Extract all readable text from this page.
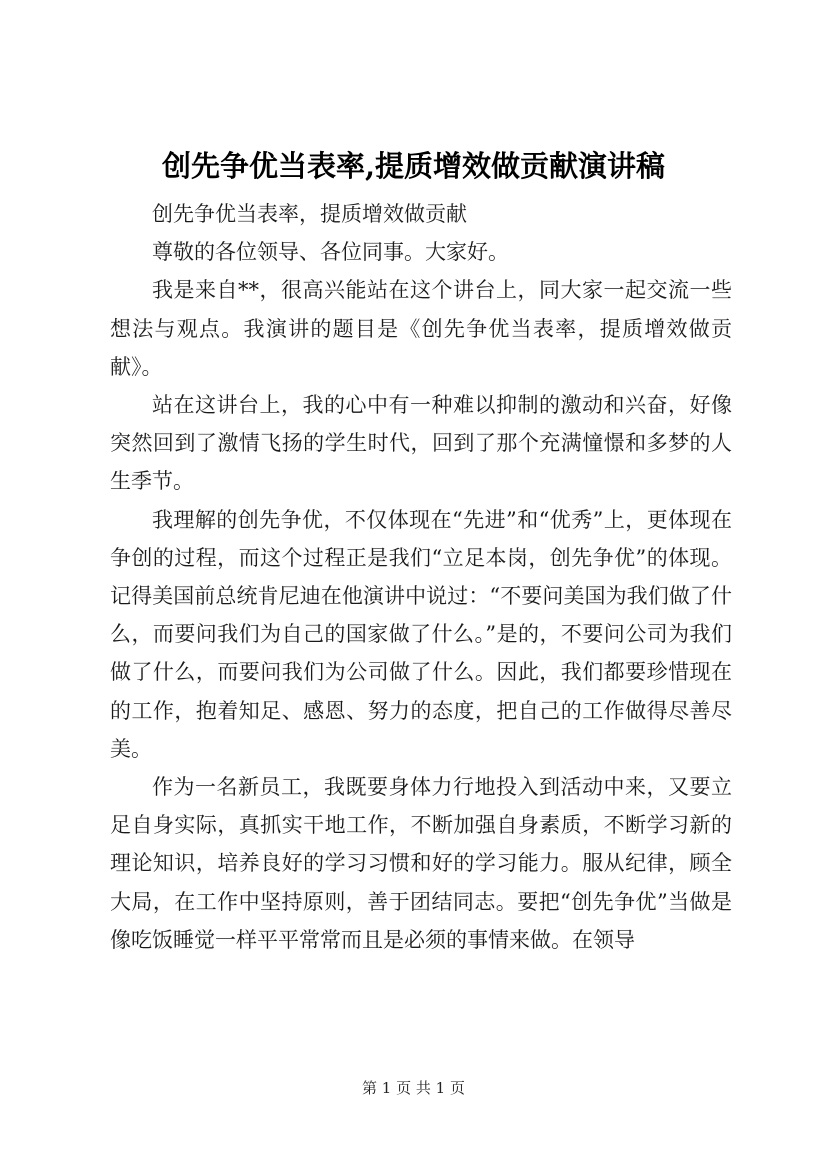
创先争优当表率,提质增效做贡献演讲稿

创先争优当表率，提质增效做贡献

尊敬的各位领导、各位同事。大家好。

我是来自**，很高兴能站在这个讲台上，同大家一起交流一些想法与观点。我演讲的题目是《创先争优当表率，提质增效做贡献》。

站在这讲台上，我的心中有一种难以抑制的激动和兴奋，好像突然回到了激情飞扬的学生时代，回到了那个充满憧憬和多梦的人生季节。

我理解的创先争优，不仅体现在“先进”和“优秀”上，更体现在争创的过程，而这个过程正是我们“立足本岗，创先争优”的体现。记得美国前总统肯尼迪在他演讲中说过：“不要问美国为我们做了什么，而要问我们为自己的国家做了什么。”是的，不要问公司为我们做了什么，而要问我们为公司做了什么。因此，我们都要珍惜现在的工作，抱着知足、感恩、努力的态度，把自己的工作做得尽善尽美。

作为一名新员工，我既要身体力行地投入到活动中来，又要立足自身实际，真抓实干地工作，不断加强自身素质，不断学习新的理论知识，培养良好的学习习惯和好的学习能力。服从纪律，顾全大局，在工作中坚持原则，善于团结同志。要把“创先争优”当做是像吃饭睡觉一样平平常常而且是必须的事情来做。在领导

第 1 页 共 1 页
